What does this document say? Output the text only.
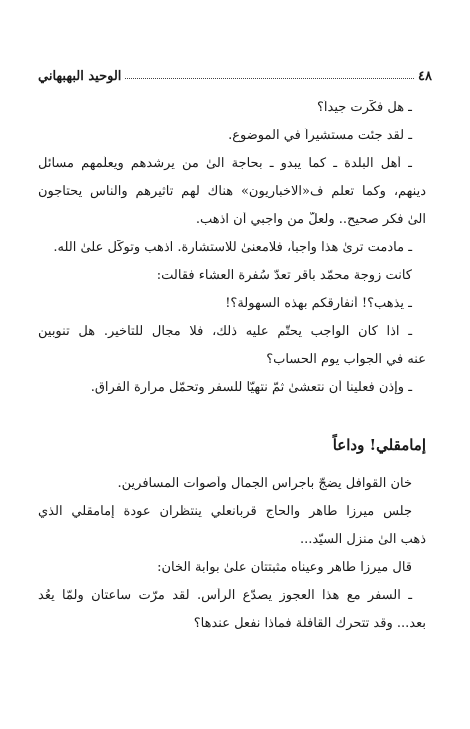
٤٨
الوحيد البهبهاني
ـ هل فكّرت جيداً؟
ـ لقد جئت مستشيراً في الموضوع.
ـ أهل البلدة ـ كما يبدو ـ بحاجة الىٰ من يرشدهم ويعلّمهم مسائل
دينهم، وكما تعلم ف«الاخباريون» هناك لهم تأثيرهم والناس يحتاجون
الىٰ فكر صحيح.. ولعلّ من واجبي أن اذهب.
ـ مادمت ترىٰ هذا واجباً، فلامعنىٰ للاستشارة. اذهب وتوكّل علىٰ الله.
كانت زوجة محمّد باقر تعدّ سُفرة العشاء فقالت:
ـ يذهب؟! أنفارقكم بهذه السهولة؟!
ـ اذا كان الواجب يحتّم عليه ذلك، فلا مجال للتأخير. هل تنوبين
عنه في الجواب يوم الحساب؟
ـ وإذن فعلينا أن نتعشىٰ ثمّ نتهيّأ للسفر وتحمّل مرارة الفراق.
خان القوافل يضجّ بأجراس الجمال وأصوات المسافرين.
جلس ميرزا طاهر والحاج قربانعلي ينتظران عودة إمامقلي الذي
ذهب الىٰ منزل السيّد...
قال ميرزا طاهر وعيناه مثبتتان علىٰ بوابة الخان:
ـ السفر مع هذا العجوز يصدّع الرأس. لقد مرّت ساعتان ولمّا يعُد
بعد... وقد تتحرك القافلة فماذا نفعل عندها؟
إمامقلي! وداعاً
